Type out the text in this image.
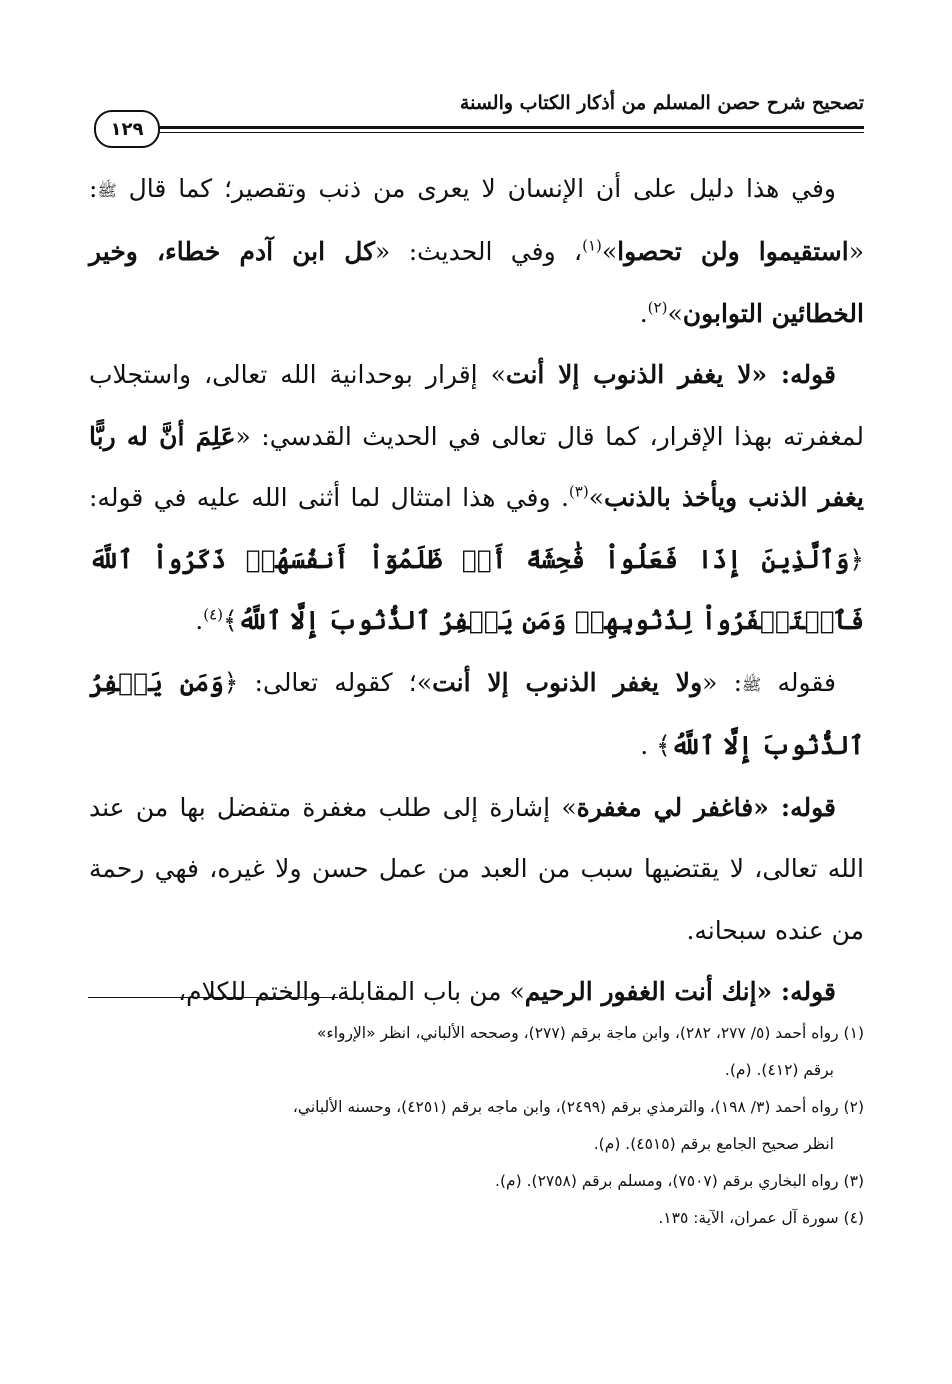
تصحيح شرح حصن المسلم من أذكار الكتاب والسنة
١٢٩

وفي هذا دليل على أن الإنسان لا يعرى من ذنب وتقصير؛ كما قال ﷺ: «استقيموا ولن تحصوا»$^{(١)}$، وفي الحديث: «كل ابن آدم خطاء، وخير الخطائين التوابون»$^{(٢)}$.

قوله: «لا يغفر الذنوب إلا أنت» إقرار بوحدانية الله تعالى، واستجلاب لمغفرته بهذا الإقرار، كما قال تعالى في الحديث القدسي: «عَلِمَ أنَّ له ربًّا يغفر الذنب ويأخذ بالذنب»$^{(٣)}$. وفي هذا امتثال لما أثنى الله عليه في قوله: ﴿وَٱلَّذِينَ إِذَا فَعَلُواْ فَٰحِشَةً أَوۡ ظَلَمُوٓاْ أَنفُسَهُمۡ ذَكَرُواْ ٱللَّهَ فَٱسۡتَغۡفَرُواْ لِذُنُوبِهِمۡ وَمَن يَغۡفِرُ ٱلذُّنُوبَ إِلَّا ٱللَّهُ﴾$^{(٤)}$.

فقوله ﷺ: «ولا يغفر الذنوب إلا أنت»؛ كقوله تعالى: ﴿وَمَن يَغۡفِرُ ٱلذُّنُوبَ إِلَّا ٱللَّهُ﴾ .

قوله: «فاغفر لي مغفرة» إشارة إلى طلب مغفرة متفضل بها من عند الله تعالى، لا يقتضيها سبب من العبد من عمل حسن ولا غيره، فهي رحمة من عنده سبحانه.

قوله: «إنك أنت الغفور الرحيم» من باب المقابلة، والختم للكلام،

(١) رواه أحمد (٥/ ٢٧٧، ٢٨٢)، وابن ماجة برقم (٢٧٧)، وصححه الألباني، انظر «الإرواء»

برقم (٤١٢). (م).

(٢) رواه أحمد (٣/ ١٩٨)، والترمذي برقم (٢٤٩٩)، وابن ماجه برقم (٤٢٥١)، وحسنه الألباني،

انظر صحيح الجامع برقم (٤٥١٥). (م).

(٣) رواه البخاري برقم (٧٥٠٧)، ومسلم برقم (٢٧٥٨). (م).

(٤) سورة آل عمران، الآية: ١٣٥.
